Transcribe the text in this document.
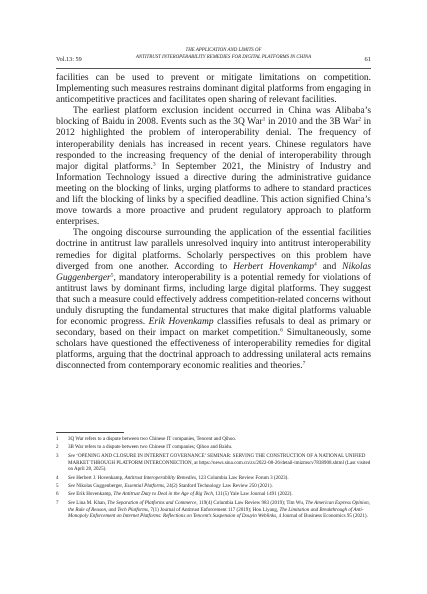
Vol.13: 59
THE APPLICATION AND LIMITS OF
ANTITRUST INTEROPERABILITY REMEDIES FOR DIGITAL PLATFORMS IN CHINA	61

facilities can be used to prevent or mitigate limitations on competition. Implementing such measures restrains dominant digital platforms from engaging in anticompetitive practices and facilitates open sharing of relevant facilities.

The earliest platform exclusion incident occurred in China was Alibaba’s blocking of Baidu in 2008. Events such as the 3Q War$^1$ in 2010 and the 3B War$^2$ in 2012 highlighted the problem of interoperability denial. The frequency of interoperability denials has increased in recent years. Chinese regulators have responded to the increasing frequency of the denial of interoperability through major digital platforms.$^3$ In September 2021, the Ministry of Industry and Information Technology issued a directive during the administrative guidance meeting on the blocking of links, urging platforms to adhere to standard practices and lift the blocking of links by a specified deadline. This action signified China’s move towards a more proactive and prudent regulatory approach to platform enterprises.

The ongoing discourse surrounding the application of the essential facilities doctrine in antitrust law parallels unresolved inquiry into antitrust interoperability remedies for digital platforms. Scholarly perspectives on this problem have diverged from one another. According to Herbert Hovenkamp$^4$ and Nikolas Guggenberger$^5$, mandatory interoperability is a potential remedy for violations of antitrust laws by dominant firms, including large digital platforms. They suggest that such a measure could effectively address competition-related concerns without unduly disrupting the fundamental structures that make digital platforms valuable for economic progress. Erik Hovenkamp classifies refusals to deal as primary or secondary, based on their impact on market competition.$^6$ Simultaneously, some scholars have questioned the effectiveness of interoperability remedies for digital platforms, arguing that the doctrinal approach to addressing unilateral acts remains disconnected from contemporary economic realities and theories.$^7$

1 3Q War refers to a dispute between two Chinese IT companies, Tencent and Qihoo.
2 3B War refers to a dispute between two Chinese IT companies; Qihoo and Baidu.
3 See ‘OPENING AND CLOSURE IN INTERNET GOVERNANCE’ SEMINAR: SERVING THE CONSTRUCTION OF A NATIONAL UNIFIED MARKET THROUGH PLATFORM INTERCONNECTION, at https://news.sina.com.cn/zx/2022-08-26/detail-imizmscv7838908.shtml (Last visited on April 28, 2025).
4 See Herbert J. Hovenkamp, Antitrust Interoperability Remedies, 123 Columbia Law Review Forum 3 (2023).
5 See Nikolas Guggenberger, Essential Platforms, 24(2) Stanford Technology Law Review 250 (2021).
6 See Erik Hovenkamp, The Antitrust Duty to Deal in the Age of Big Tech, 131(5) Yale Law Journal 1491 (2022).
7 See Lina M. Khan, The Separation of Platforms and Commerce, 119(4) Columbia Law Review 983 (2019); Tim Wu, The American Express Opinion, the Rule of Reason, and Tech Platforms, 7(1) Journal of Antitrust Enforcement 117 (2019); Hou Liyang, The Limitation and Breakthrough of Anti-Monopoly Enforcement on Internet Platforms: Reflections on Tencent’s Suspension of Douyin Weblinks, 4 Journal of Business Economics 95 (2021).
